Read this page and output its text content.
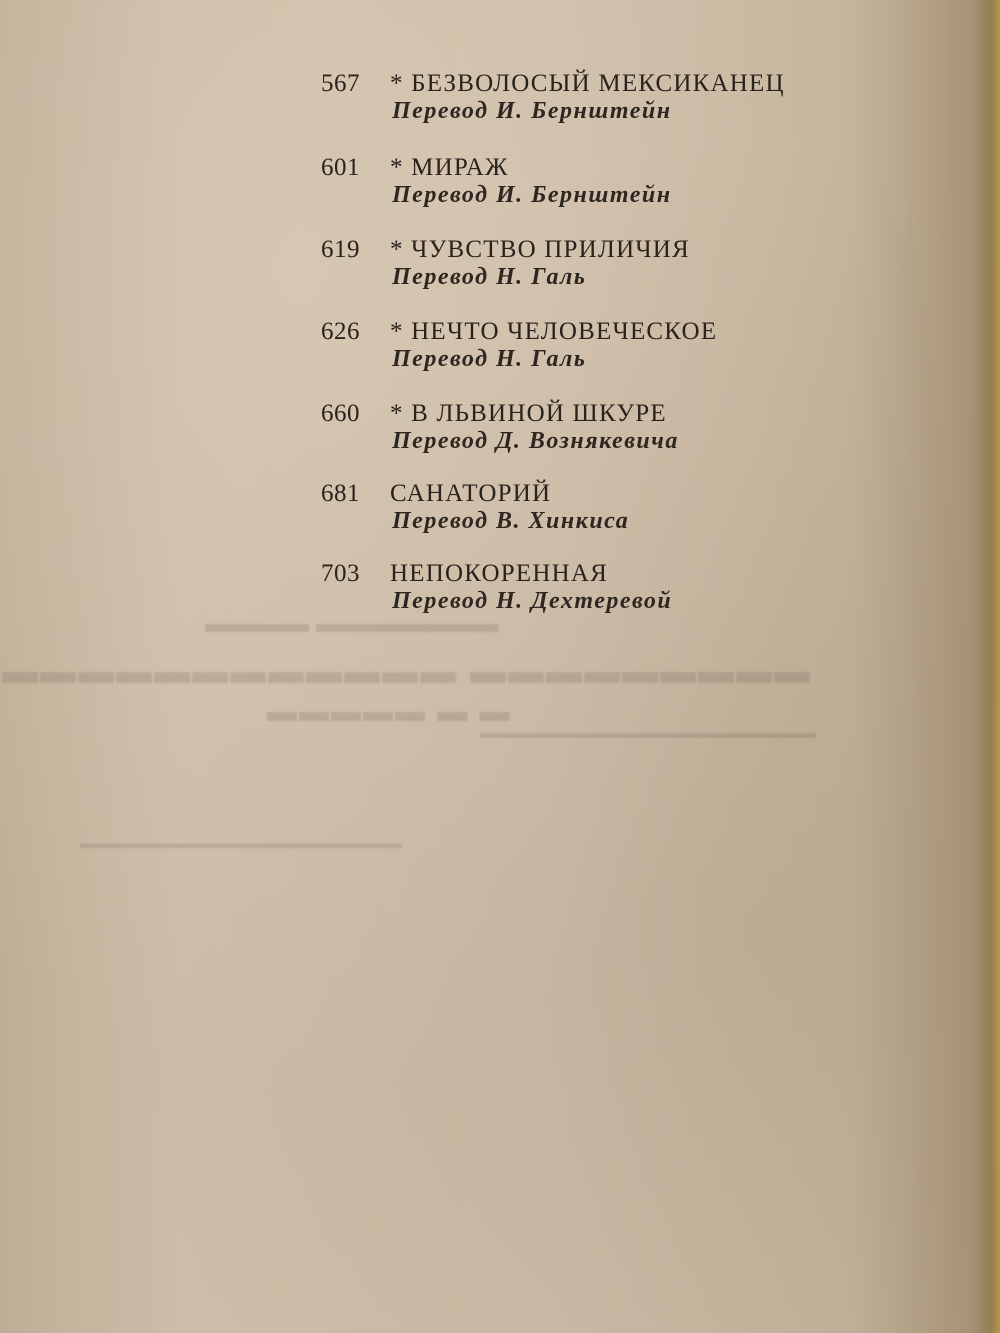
▬▬▬▬▬▬▬ ▬▬▬▬
▬▬▬▬▬▬▬▬▬ ▬▬▬▬▬▬▬▬▬▬▬▬
▬ ▬ ▬▬▬▬▬
▬▬▬▬▬▬▬▬▬▬▬▬▬▬▬▬▬▬▬▬▬
▬▬▬▬▬▬▬▬▬▬▬▬▬▬▬▬▬▬▬▬▬▬▬
567 * БЕЗВОЛОСЫЙ МЕКСИКАНЕЦ
Перевод И. Бернштейн
601 * МИРАЖ
Перевод И. Бернштейн
619 * ЧУВСТВО ПРИЛИЧИЯ
Перевод Н. Галь
626 * НЕЧТО ЧЕЛОВЕЧЕСКОЕ
Перевод Н. Галь
660 * В ЛЬВИНОЙ ШКУРЕ
Перевод Д. Вознякевича
681 САНАТОРИЙ
Перевод В. Хинкиса
703 НЕПОКОРЕННАЯ
Перевод Н. Дехтеревой
